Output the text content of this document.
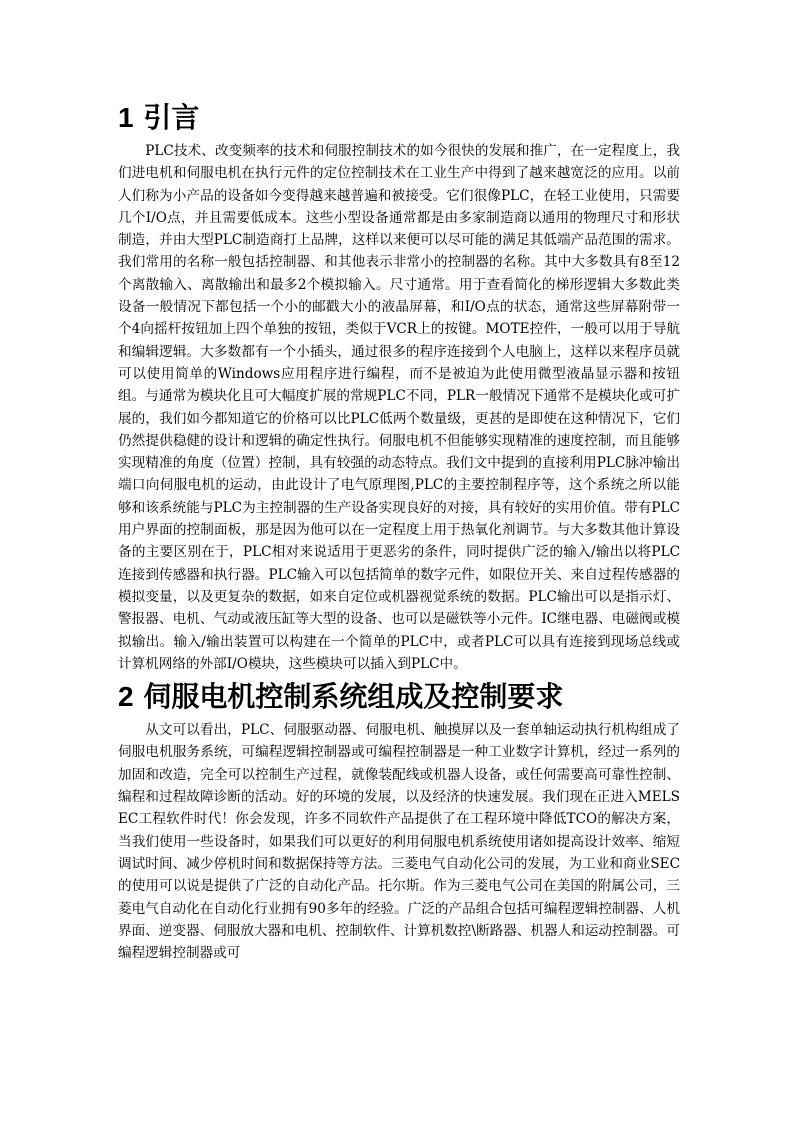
1 引言

PLC技术、改变频率的技术和伺服控制技术的如今很快的发展和推广，在一定程度上，我们进电机和伺服电机在执行元件的定位控制技术在工业生产中得到了越来越宽泛的应用。以前人们称为小产品的设备如今变得越来越普遍和被接受。它们很像PLC，在轻工业使用，只需要几个I/O点，并且需要低成本。这些小型设备通常都是由多家制造商以通用的物理尺寸和形状制造，并由大型PLC制造商打上品牌，这样以来便可以尽可能的满足其低端产品范围的需求。我们常用的名称一般包括控制器、和其他表示非常小的控制器的名称。其中大多数具有8至12个离散输入、离散输出和最多2个模拟输入。尺寸通常。用于查看简化的梯形逻辑大多数此类设备一般情况下都包括一个小的邮戳大小的液晶屏幕，和I/O点的状态，通常这些屏幕附带一个4向摇杆按钮加上四个单独的按钮，类似于VCR上的按键。MOTE控件，一般可以用于导航和编辑逻辑。大多数都有一个小插头，通过很多的程序连接到个人电脑上，这样以来程序员就可以使用简单的Windows应用程序进行编程，而不是被迫为此使用微型液晶显示器和按钮组。与通常为模块化且可大幅度扩展的常规PLC不同，PLR一般情况下通常不是模块化或可扩展的，我们如今都知道它的价格可以比PLC低两个数量级，更甚的是即使在这种情况下，它们仍然提供稳健的设计和逻辑的确定性执行。伺服电机不但能够实现精准的速度控制，而且能够实现精准的角度（位置）控制，具有较强的动态特点。我们文中提到的直接利用PLC脉冲输出端口向伺服电机的运动，由此设计了电气原理图,PLC的主要控制程序等，这个系统之所以能够和该系统能与PLC为主控制器的生产设备实现良好的对接，具有较好的实用价值。带有PLC用户界面的控制面板，那是因为他可以在一定程度上用于热氧化剂调节。与大多数其他计算设备的主要区别在于，PLC相对来说适用于更恶劣的条件，同时提供广泛的输入/输出以将PLC连接到传感器和执行器。PLC输入可以包括简单的数字元件，如限位开关、来自过程传感器的模拟变量，以及更复杂的数据，如来自定位或机器视觉系统的数据。PLC输出可以是指示灯、警报器、电机、气动或液压缸等大型的设备、也可以是磁铁等小元件。IC继电器、电磁阀或模拟输出。输入/输出装置可以构建在一个简单的PLC中，或者PLC可以具有连接到现场总线或计算机网络的外部I/O模块，这些模块可以插入到PLC中。

2 伺服电机控制系统组成及控制要求

从文可以看出，PLC、伺服驱动器、伺服电机、触摸屏以及一套单轴运动执行机构组成了伺服电机服务系统，可编程逻辑控制器或可编程控制器是一种工业数字计算机，经过一系列的加固和改造，完全可以控制生产过程，就像装配线或机器人设备，或任何需要高可靠性控制、编程和过程故障诊断的活动。好的环境的发展，以及经济的快速发展。我们现在正进入MELSEC工程软件时代！你会发现，许多不同软件产品提供了在工程环境中降低TCO的解决方案，当我们使用一些设备时，如果我们可以更好的利用伺服电机系统使用诸如提高设计效率、缩短调试时间、减少停机时间和数据保持等方法。三菱电气自动化公司的发展，为工业和商业SEC的使用可以说是提供了广泛的自动化产品。托尔斯。作为三菱电气公司在美国的附属公司，三菱电气自动化在自动化行业拥有90多年的经验。广泛的产品组合包括可编程逻辑控制器、人机界面、逆变器、伺服放大器和电机、控制软件、计算机数控\断路器、机器人和运动控制器。可编程逻辑控制器或可
